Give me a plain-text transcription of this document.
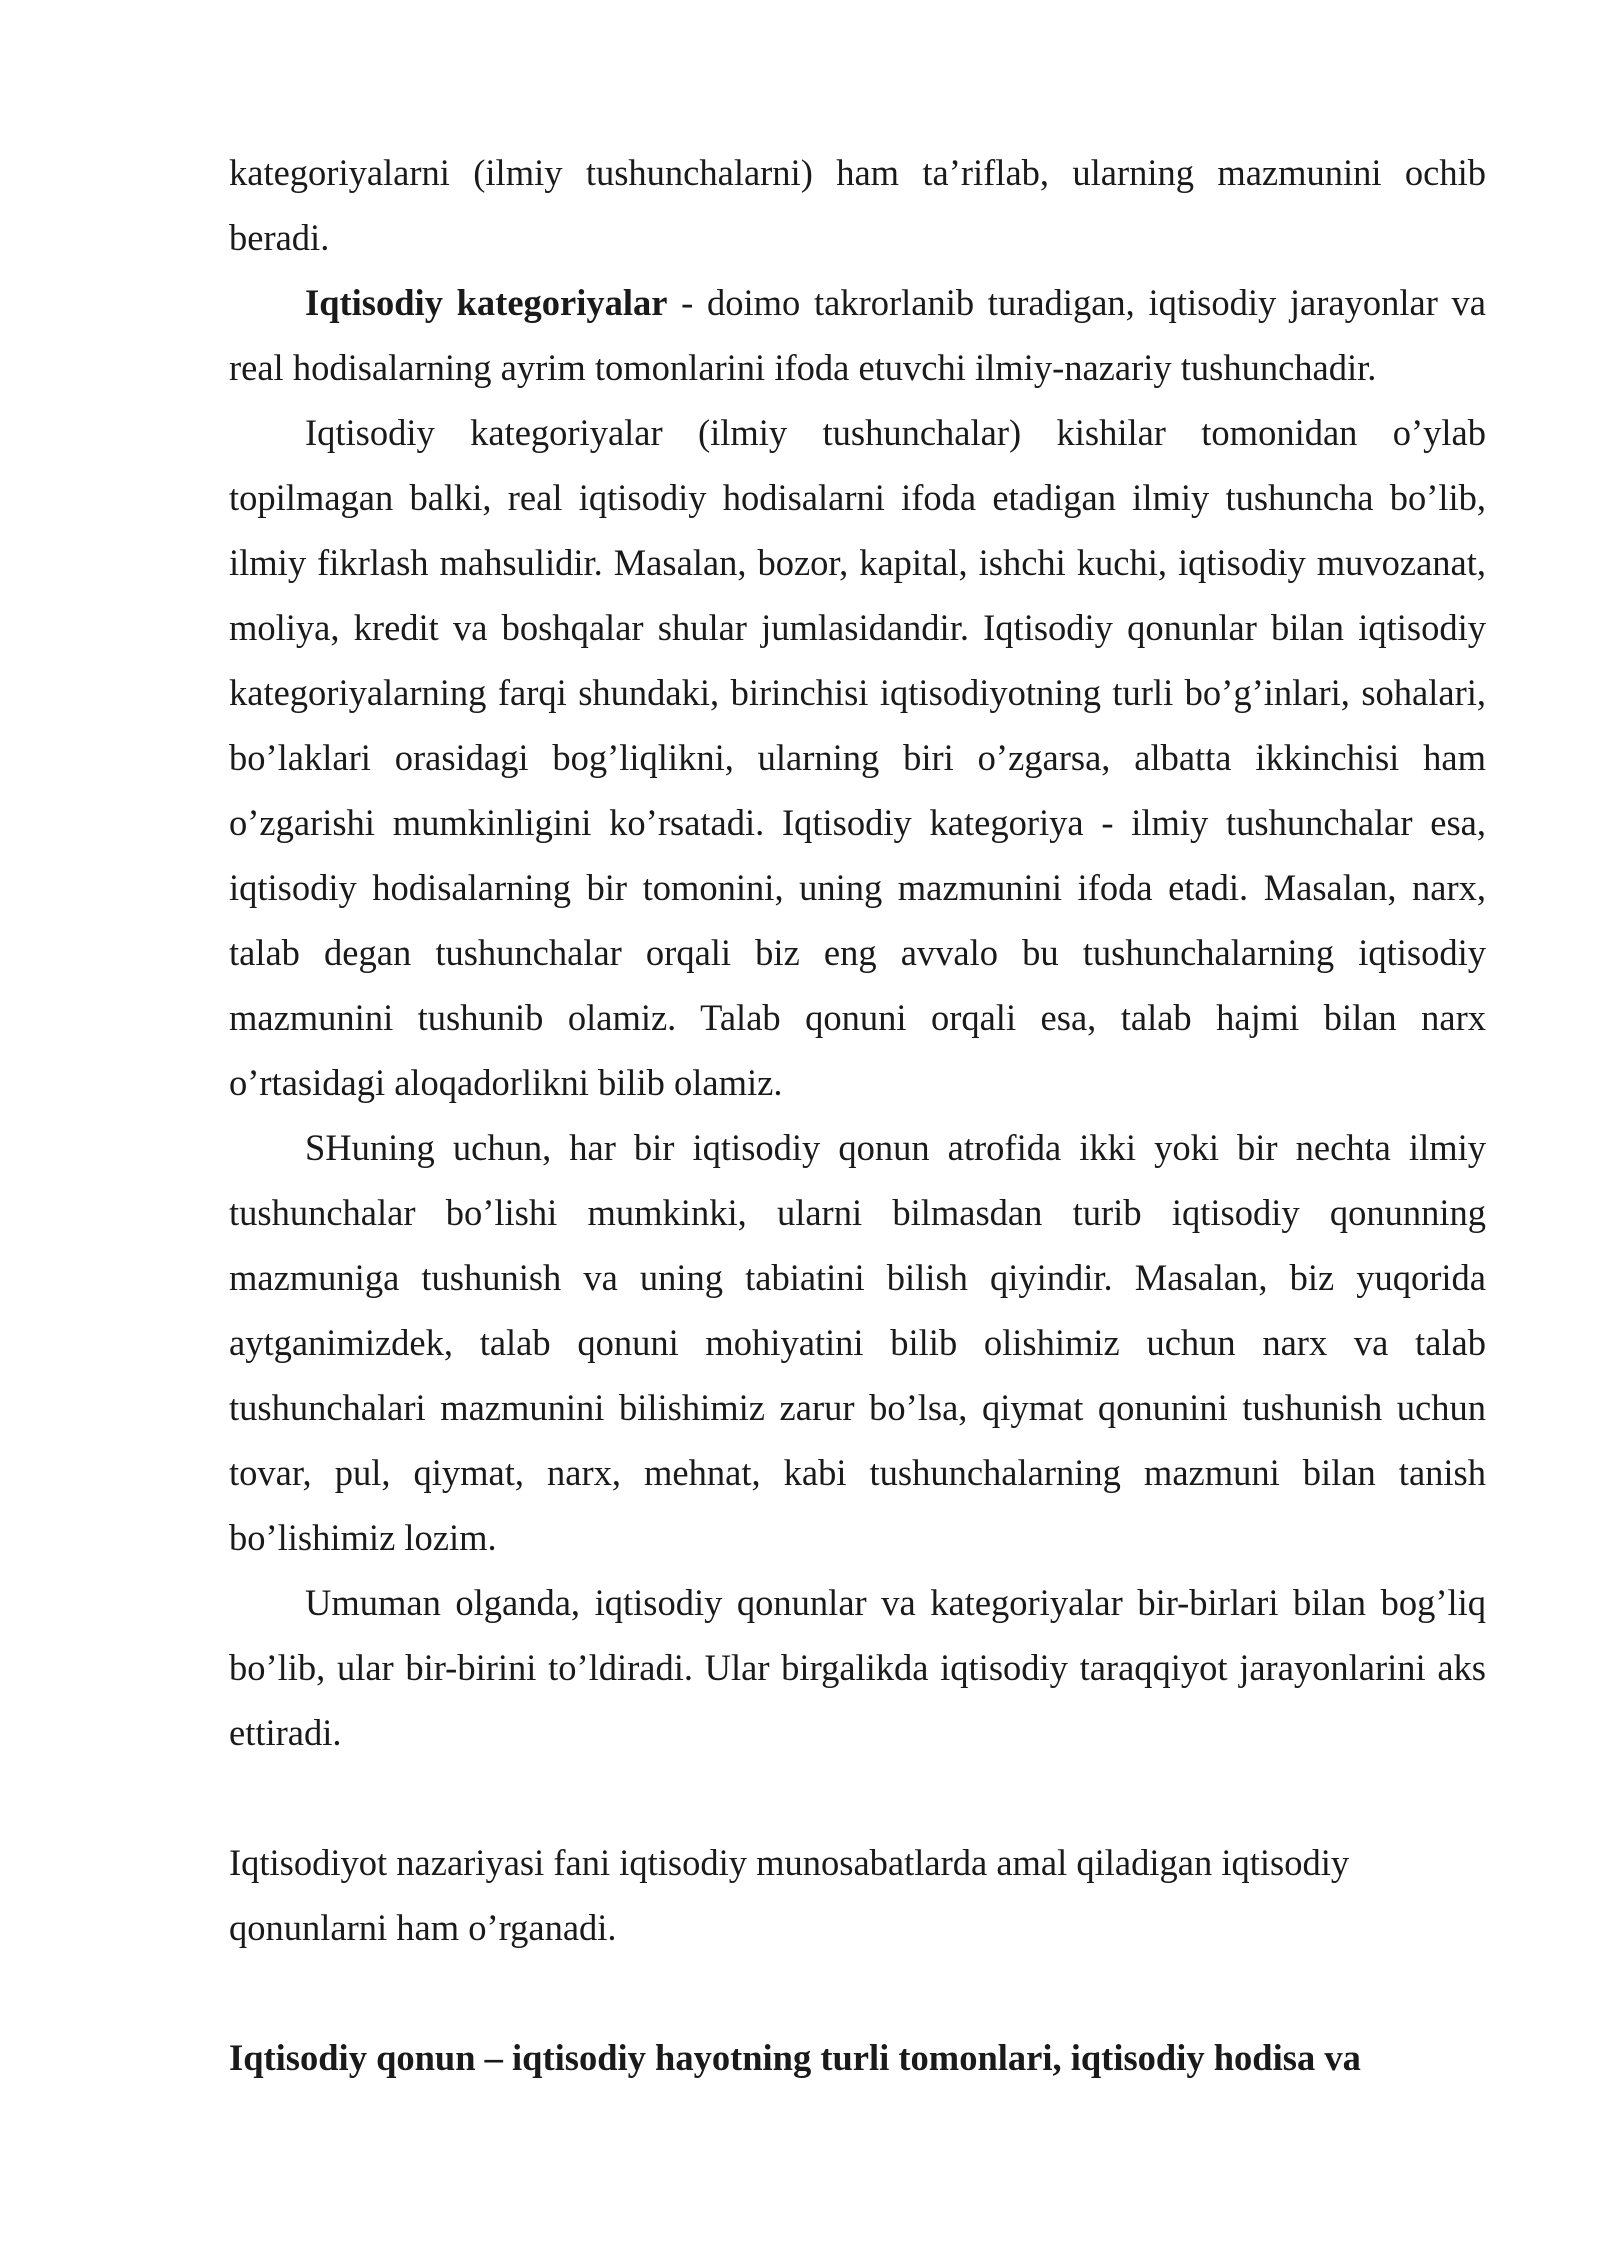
kategoriyalarni (ilmiy tushunchalarni) ham ta’riflab, ularning mazmunini ochib beradi.

Iqtisodiy kategoriyalar - doimo takrorlanib turadigan, iqtisodiy jarayonlar va real hodisalarning ayrim tomonlarini ifoda etuvchi ilmiy-nazariy tushunchadir.

Iqtisodiy kategoriyalar (ilmiy tushunchalar) kishilar tomonidan o’ylab topilmagan balki, real iqtisodiy hodisalarni ifoda etadigan ilmiy tushuncha bo’lib, ilmiy fikrlash mahsulidir. Masalan, bozor, kapital, ishchi kuchi, iqtisodiy muvozanat, moliya, kredit va boshqalar shular jumlasidandir. Iqtisodiy qonunlar bilan iqtisodiy kategoriyalarning farqi shundaki, birinchisi iqtisodiyotning turli bo’g’inlari, sohalari, bo’laklari orasidagi bog’liqlikni, ularning biri o’zgarsa, albatta ikkinchisi ham o’zgarishi mumkinligini ko’rsatadi. Iqtisodiy kategoriya - ilmiy tushunchalar esa, iqtisodiy hodisalarning bir tomonini, uning mazmunini ifoda etadi. Masalan, narx, talab degan tushunchalar orqali biz eng avvalo bu tushunchalarning iqtisodiy mazmunini tushunib olamiz. Talab qonuni orqali esa, talab hajmi bilan narx o’rtasidagi aloqadorlikni bilib olamiz.

SHuning uchun, har bir iqtisodiy qonun atrofida ikki yoki bir nechta ilmiy tushunchalar bo’lishi mumkinki, ularni bilmasdan turib iqtisodiy qonunning mazmuniga tushunish va uning tabiatini bilish qiyindir. Masalan, biz yuqorida aytganimizdek, talab qonuni mohiyatini bilib olishimiz uchun narx va talab tushunchalari mazmunini bilishimiz zarur bo’lsa, qiymat qonunini tushunish uchun tovar, pul, qiymat, narx, mehnat, kabi tushunchalarning mazmuni bilan tanish bo’lishimiz lozim.

Umuman olganda, iqtisodiy qonunlar va kategoriyalar bir-birlari bilan bog’liq bo’lib, ular bir-birini to’ldiradi. Ular birgalikda iqtisodiy taraqqiyot jarayonlarini aks ettiradi.

Iqtisodiyot nazariyasi fani iqtisodiy munosabatlarda amal qiladigan iqtisodiy

qonunlarni ham o’rganadi.

Iqtisodiy qonun – iqtisodiy hayotning turli tomonlari, iqtisodiy hodisa va
